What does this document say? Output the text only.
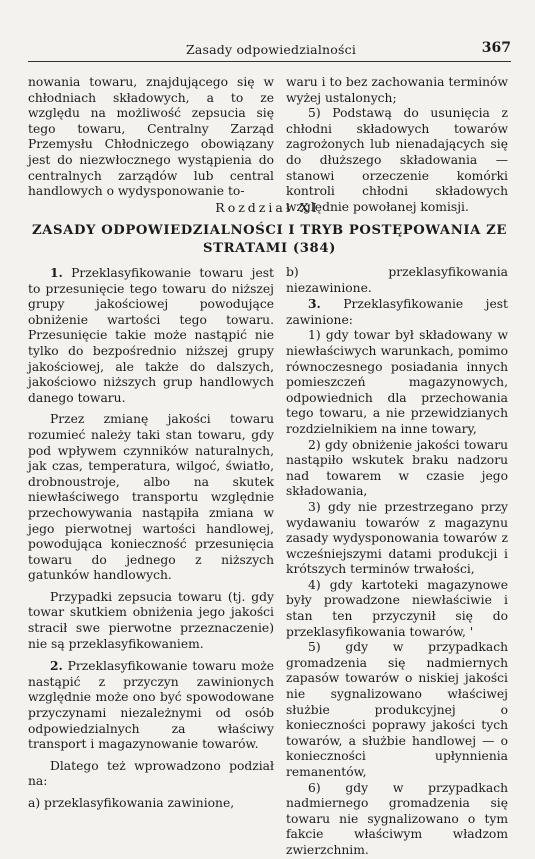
Zasady odpowiedzialności	367

nowania towaru, znajdującego się w chłodniach składowych, a to ze względu na możliwość zepsucia się tego towaru, Centralny Zarząd Przemysłu Chłodniczego obowiązany jest do niezwłocznego wystąpienia do centralnych zarządów lub central handlowych o wydysponowanie to-

waru i to bez zachowania terminów wyżej ustalonych;

5) Podstawą do usunięcia z chłodni składowych towarów zagrożonych lub nienadających się do dłuższego składowania — stanowi orzeczenie komórki kontroli chłodni składowych względnie powołanej komisji.

Rozdział XI
ZASADY ODPOWIEDZIALNOŚCI I TRYB POSTĘPOWANIA ZE STRATAMI (384)

1. Przeklasyfikowanie towaru jest to przesunięcie tego towaru do niższej grupy jakościowej powodujące obniżenie wartości tego towaru. Przesunięcie takie może nastąpić nie tylko do bezpośrednio niższej grupy jakościowej, ale także do dalszych, jakościowo niższych grup handlowych danego towaru.

Przez zmianę jakości towaru rozumieć należy taki stan towaru, gdy pod wpływem czynników naturalnych, jak czas, temperatura, wilgoć, światło, drobnoustroje, albo na skutek niewłaściwego transportu względnie przechowywania nastąpiła zmiana w jego pierwotnej wartości handlowej, powodująca konieczność przesunięcia towaru do jednego z niższych gatunków handlowych.

Przypadki zepsucia towaru (tj. gdy towar skutkiem obniżenia jego jakości stracił swe pierwotne przeznaczenie) nie są przeklasyfikowaniem.

2. Przeklasyfikowanie towaru może nastąpić z przyczyn zawinionych względnie może ono być spowodowane przyczynami niezależnymi od osób odpowiedzialnych za właściwy transport i magazynowanie towarów.

Dlatego też wprowadzono podział na:

a) przeklasyfikowania zawinione,

b) przeklasyfikowania niezawinione.

3. Przeklasyfikowanie jest zawinione:

1) gdy towar był składowany w niewłaściwych warunkach, pomimo równoczesnego posiadania innych pomieszczeń magazynowych, odpowiednich dla przechowania tego towaru, a nie przewidzianych rozdzielnikiem na inne towary,

2) gdy obniżenie jakości towaru nastąpiło wskutek braku nadzoru nad towarem w czasie jego składowania,

3) gdy nie przestrzegano przy wydawaniu towarów z magazynu zasady wydysponowania towarów z wcześniejszymi datami produkcji i krótszych terminów trwałości,

4) gdy kartoteki magazynowe były prowadzone niewłaściwie i stan ten przyczynił się do przeklasyfikowania towarów, '

5) gdy w przypadkach gromadzenia się nadmiernych zapasów towarów o niskiej jakości nie sygnalizowano właściwej służbie produkcyjnej o konieczności poprawy jakości tych towarów, a służbie handlowej — o konieczności upłynnienia remanentów,

6) gdy w przypadkach nadmiernego gromadzenia się towaru nie sygnalizowano o tym fakcie właściwym władzom zwierzchnim.
